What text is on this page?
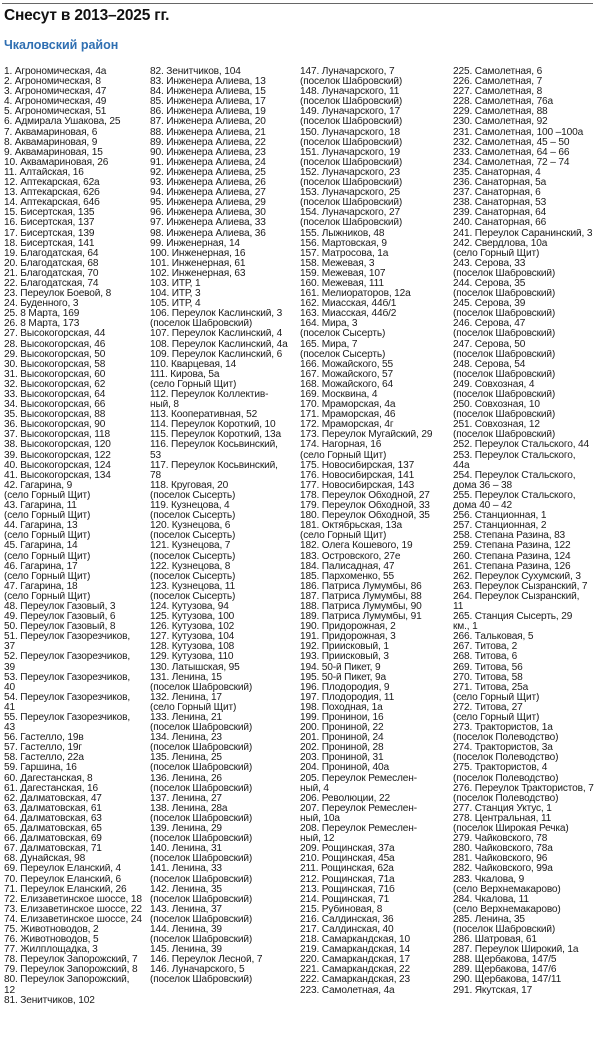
Снесут в 2013–2025 гг.
Чкаловский район
1. Агрономическая, 4а
2. Агрономическая, 8
3. Агрономическая, 47
4. Агрономическая, 49
5. Агрономическая, 51
6. Адмирала Ушакова, 25
7. Аквамариновая, 6
8. Аквамариновая, 9
9. Аквамариновая, 15
10. Аквамариновая, 26
11. Алтайская, 16
12. Аптекарская, 62а
13. Аптекарская, 62б
14. Аптекарская, 64б
15. Бисертская, 135
16. Бисертская, 137
17. Бисертская, 139
18. Бисертская, 141
19. Благодатская, 64
20. Благодатская, 68
21. Благодатская, 70
22. Благодатская, 74
23. Переулок Боевой, 8
24. Буденного, 3
25. 8 Марта, 169
26. 8 Марта, 173
27. Высокогорская, 44
28. Высокогорская, 46
29. Высокогорская, 50
30. Высокогорская, 58
31. Высокогорская, 60
32. Высокогорская, 62
33. Высокогорская, 64
34. Высокогорская, 66
35. Высокогорская, 88
36. Высокогорская, 90
37. Высокогорская, 118
38. Высокогорская, 120
39. Высокогорская, 122
40. Высокогорская, 124
41. Высокогорская, 134
42. Гагарина, 9
(село Горный Щит)
43. Гагарина, 11
(село Горный Щит)
44. Гагарина, 13
(село Горный Щит)
45. Гагарина, 14
(село Горный Щит)
46. Гагарина, 17
(село Горный Щит)
47. Гагарина, 18
(село Горный Щит)
48. Переулок Газовый, 3
49. Переулок Газовый, 6
50. Переулок Газовый, 8
51. Переулок Газорезчиков,
37
52. Переулок Газорезчиков,
39
53. Переулок Газорезчиков,
40
54. Переулок Газорезчиков,
41
55. Переулок Газорезчиков,
43
56. Гастелло, 19в
57. Гастелло, 19г
58. Гастелло, 22а
59. Гаршина, 16
60. Дагестанская, 8
61. Дагестанская, 16
62. Далматовская, 47
63. Далматовская, 61
64. Далматовская, 63
65. Далматовская, 65
66. Далматовская, 69
67. Далматовская, 71
68. Дунайская, 98
69. Переулок Еланский, 4
70. Переулок Еланский, 6
71. Переулок Еланский, 26
72. Елизаветинское шоссе, 18
73. Елизаветинское шоссе, 22
74. Елизаветинское шоссе, 24
75. Животноводов, 2
76. Животноводов, 5
77. Жилплощадка, 3
78. Переулок Запорожский, 7
79. Переулок Запорожский, 8
80. Переулок Запорожский,
12
81. Зенитчиков, 102
82. Зенитчиков, 104
83. Инженера Алиева, 13
84. Инженера Алиева, 15
85. Инженера Алиева, 17
86. Инженера Алиева, 19
87. Инженера Алиева, 20
88. Инженера Алиева, 21
89. Инженера Алиева, 22
90. Инженера Алиева, 23
91. Инженера Алиева, 24
92. Инженера Алиева, 25
93. Инженера Алиева, 26
94. Инженера Алиева, 27
95. Инженера Алиева, 29
96. Инженера Алиева, 30
97. Инженера Алиева, 33
98. Инженера Алиева, 36
99. Инженерная, 14
100. Инженерная, 16
101. Инженерная, 61
102. Инженерная, 63
103. ИТР, 1
104. ИТР, 3
105. ИТР, 4
106. Переулок Каслинский, 3
(поселок Шабровский)
107. Переулок Каслинский, 4
108. Переулок Каслинский, 4а
109. Переулок Каслинский, 6
110. Кварцевая, 14
111. Кирова, 5а
(село Горный Щит)
112. Переулок Коллектив-
ный, 8
113. Кооперативная, 52
114. Переулок Короткий, 10
115. Переулок Короткий, 13а
116. Переулок Косьвинский,
53
117. Переулок Косьвинский,
78
118. Круговая, 20
(поселок Сысерть)
119. Кузнецова, 4
(поселок Сысерть)
120. Кузнецова, 6
(поселок Сысерть)
121. Кузнецова, 7
(поселок Сысерть)
122. Кузнецова, 8
(поселок Сысерть)
123. Кузнецова, 11
(поселок Сысерть)
124. Кутузова, 94
125. Кутузова, 100
126. Кутузова, 102
127. Кутузова, 104
128. Кутузова, 108
129. Кутузова, 110
130. Латышская, 95
131. Ленина, 15
(поселок Шабровский)
132. Ленина, 17
(село Горный Щит)
133. Ленина, 21
(поселок Шабровский)
134. Ленина, 23
(поселок Шабровский)
135. Ленина, 25
(поселок Шабровский)
136. Ленина, 26
(поселок Шабровский)
137. Ленина, 27
138. Ленина, 28а
(поселок Шабровский)
139. Ленина, 29
(поселок Шабровский)
140. Ленина, 31
(поселок Шабровский)
141. Ленина, 33
(поселок Шабровский)
142. Ленина, 35
(поселок Шабровский)
143. Ленина, 37
(поселок Шабровский)
144. Ленина, 39
(поселок Шабровский)
145. Ленина, 39
146. Переулок Лесной, 7
146. Луначарского, 5
(поселок Шабровский)
147. Луначарского, 7
(поселок Шабровский)
148. Луначарского, 11
(поселок Шабровский)
149. Луначарского, 17
(поселок Шабровский)
150. Луначарского, 18
(поселок Шабровский)
151. Луначарского, 19
(поселок Шабровский)
152. Луначарского, 23
(поселок Шабровский)
153. Луначарского, 25
(поселок Шабровский)
154. Луначарского, 27
(поселок Шабровский)
155. Лыжников, 48
156. Мартовская, 9
157. Матросова, 1а
158. Межевая, 3
159. Межевая, 107
160. Межевая, 111
161. Мелиораторов, 12а
162. Миасская, 44б/1
163. Миасская, 44б/2
164. Мира, 3
(поселок Сысерть)
165. Мира, 7
(поселок Сысерть)
166. Можайского, 55
167. Можайского, 57
168. Можайского, 64
169. Москвина, 4
170. Мраморская, 4а
171. Мраморская, 46
172. Мраморская, 4г
173. Переулок Мугайский, 29
174. Нагорная, 16
(село Горный Щит)
175. Новосибирская, 137
176. Новосибирская, 141
177. Новосибирская, 143
178. Переулок Обходной, 27
179. Переулок Обходной, 33
180. Переулок Обходной, 35
181. Октябрьская, 13а
(село Горный Щит)
182. Олега Кошевого, 19
183. Островского, 27е
184. Палисадная, 47
185. Пархоменко, 55
186. Патриса Лумумбы, 86
187. Патриса Лумумбы, 88
188. Патриса Лумумбы, 90
189. Патриса Лумумбы, 91
190. Придорожная, 2
191. Придорожная, 3
192. Приисковый, 1
193. Приисковый, 3
194. 50-й Пикет, 9
195. 50-й Пикет, 9а
196. Плодородия, 9
197. Плодородия, 11
198. Походная, 1а
199. Пронинои, 16
200. Прониной, 22
201. Прониной, 24
202. Прониной, 28
203. Прониной, 31
204. Прониной, 40а
205. Переулок Ремеслен-
ный, 4
206. Революции, 22
207. Переулок Ремеслен-
ный, 10а
208. Переулок Ремеслен-
ный, 12
209. Рощинская, 37а
210. Рощинская, 45а
211. Рощинская, 62а
212. Рощинская, 71а
213. Рощинская, 71б
214. Рощинская, 71
215. Рубиновая, 8
216. Салдинская, 36
217. Салдинская, 40
218. Самаркандская, 10
219. Самаркандская, 14
220. Самаркандская, 17
221. Самаркандская, 22
222. Самаркандская, 23
223. Самолетная, 4а
225. Самолетная, 6
226. Самолетная, 7
227. Самолетная, 8
228. Самолетная, 76а
229. Самолетная, 88
230. Самолетная, 92
231. Самолетная, 100 –100а
232. Самолетная, 45 – 50
233. Самолетная, 64 – 66
234. Самолетная, 72 – 74
235. Санаторная, 4
236. Санаторная, 5а
237. Санаторная, 6
238. Санаторная, 53
239. Санаторная, 64
240. Санаторная, 66
241. Переулок Саранинский, 3
242. Свердлова, 10а
(село Горный Щит)
243. Серова, 33
(поселок Шабровский)
244. Серова, 35
(поселок Шабровский)
245. Серова, 39
(поселок Шабровский)
246. Серова, 47
(поселок Шабровский)
247. Серова, 50
(поселок Шабровский)
248. Серова, 54
(поселок Шабровский)
249. Совхозная, 4
(поселок Шабровский)
250. Совхозная, 10
(поселок Шабровский)
251. Совхозная, 12
(поселок Шабровский)
252. Переулок Стальского, 44
253. Переулок Стальского,
44а
254. Переулок Стальского,
дома 36 – 38
255. Переулок Стальского,
дома 40 – 42
256. Станционная, 1
257. Станционная, 2
258. Степана Разина, 83
259. Степана Разина, 122
260. Степана Разина, 124
261. Степана Разина, 126
262. Переулок Сухумский, 3
263. Переулок Сызранский, 7
264. Переулок Сызранский,
11
265. Станция Сысерть, 29
км., 1
266. Тальковая, 5
267. Титова, 2
268. Титова, 6
269. Титова, 56
270. Титова, 58
271. Титова, 25а
(село Горный Щит)
272. Титова, 27
(село Горный Щит)
273. Трактористов, 1а
(поселок Полеводство)
274. Трактористов, 3а
(поселок Полеводство)
275. Трактористов, 4
(поселок Полеводство)
276. Переулок Трактористов, 7
(поселок Полеводство)
277. Станция Уктус, 1
278. Центральная, 11
(поселок Широкая Речка)
279. Чайковского, 78
280. Чайковского, 78а
281. Чайковского, 96
282. Чайковского, 99а
283. Чкалова, 9
(село Верхнемакарово)
284. Чкалова, 11
(село Верхнемакарово)
285. Ленина, 35
(поселок Шабровский)
286. Шатровая, 61
287. Переулок Широкий, 1а
288. Щербакова, 147/5
289. Щербакова, 147/6
290. Щербакова, 147/11
291. Якутская, 17
